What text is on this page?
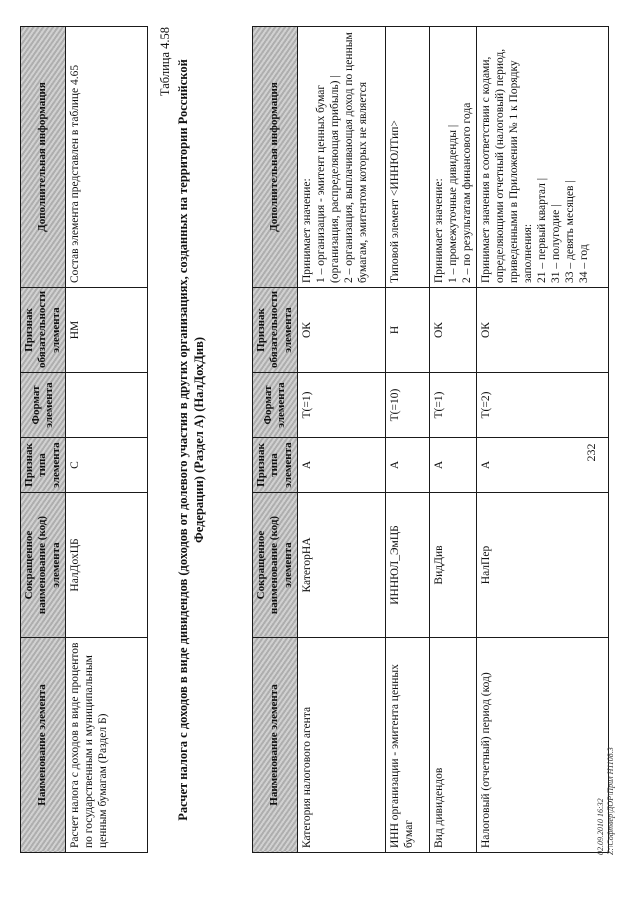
Наименование элемента	Сокращенное наименование (код) элемента	Признак типа элемента	Формат элемента	Признак обязательности элемента	Дополнительная информация
Расчет налога с доходов в виде процентов по государственным и муниципальным ценным бумагам (Раздел Б)	НалДохЦБ	С		НМ	Состав элемента представлен в таблице 4.65
Таблица 4.58 Расчет налога с доходов в виде дивидендов (доходов от долевого участия в других организациях, созданных на территории Российской Федерации) (Раздел А) (НалДохДив)
Наименование элемента	Сокращенное наименование (код) элемента	Признак типа элемента	Формат элемента	Признак обязательности элемента	Дополнительная информация
Категория налогового агента	КатегорНА	А	T(=1)	ОК	Принимает значение: 1 – организация - эмитент ценных бумаг (организация, распределяющая прибыль) | 2 – организация, выплачивающая доход по ценным бумагам, эмитентом которых не является

ИНН организации - эмитента ценных бумаг	ИННЮЛ_ЭмЦБ	А	T(=10)	Н	Типовой элемент <ИННЮЛТип>

Вид дивидендов	ВидДив	А	T(=1)	ОК	Принимает значение: 1 – промежуточные дивиденды | 2 – по результатам финансового года

Налоговый (отчетный) период (код)	НалПер	А	T(=2)	ОК	Принимает значения в соответствии с кодами, определяющими отчетный (налоговый) период, приведенными в Приложении № 1 к Порядку заполнения: 21 – первый квартал | 31 – полугодие | 33 – девять месяцев | 34 – год
232
02.09.2010 16:32 Z:\Софтвер\ДОР\Прил Н1108.3
